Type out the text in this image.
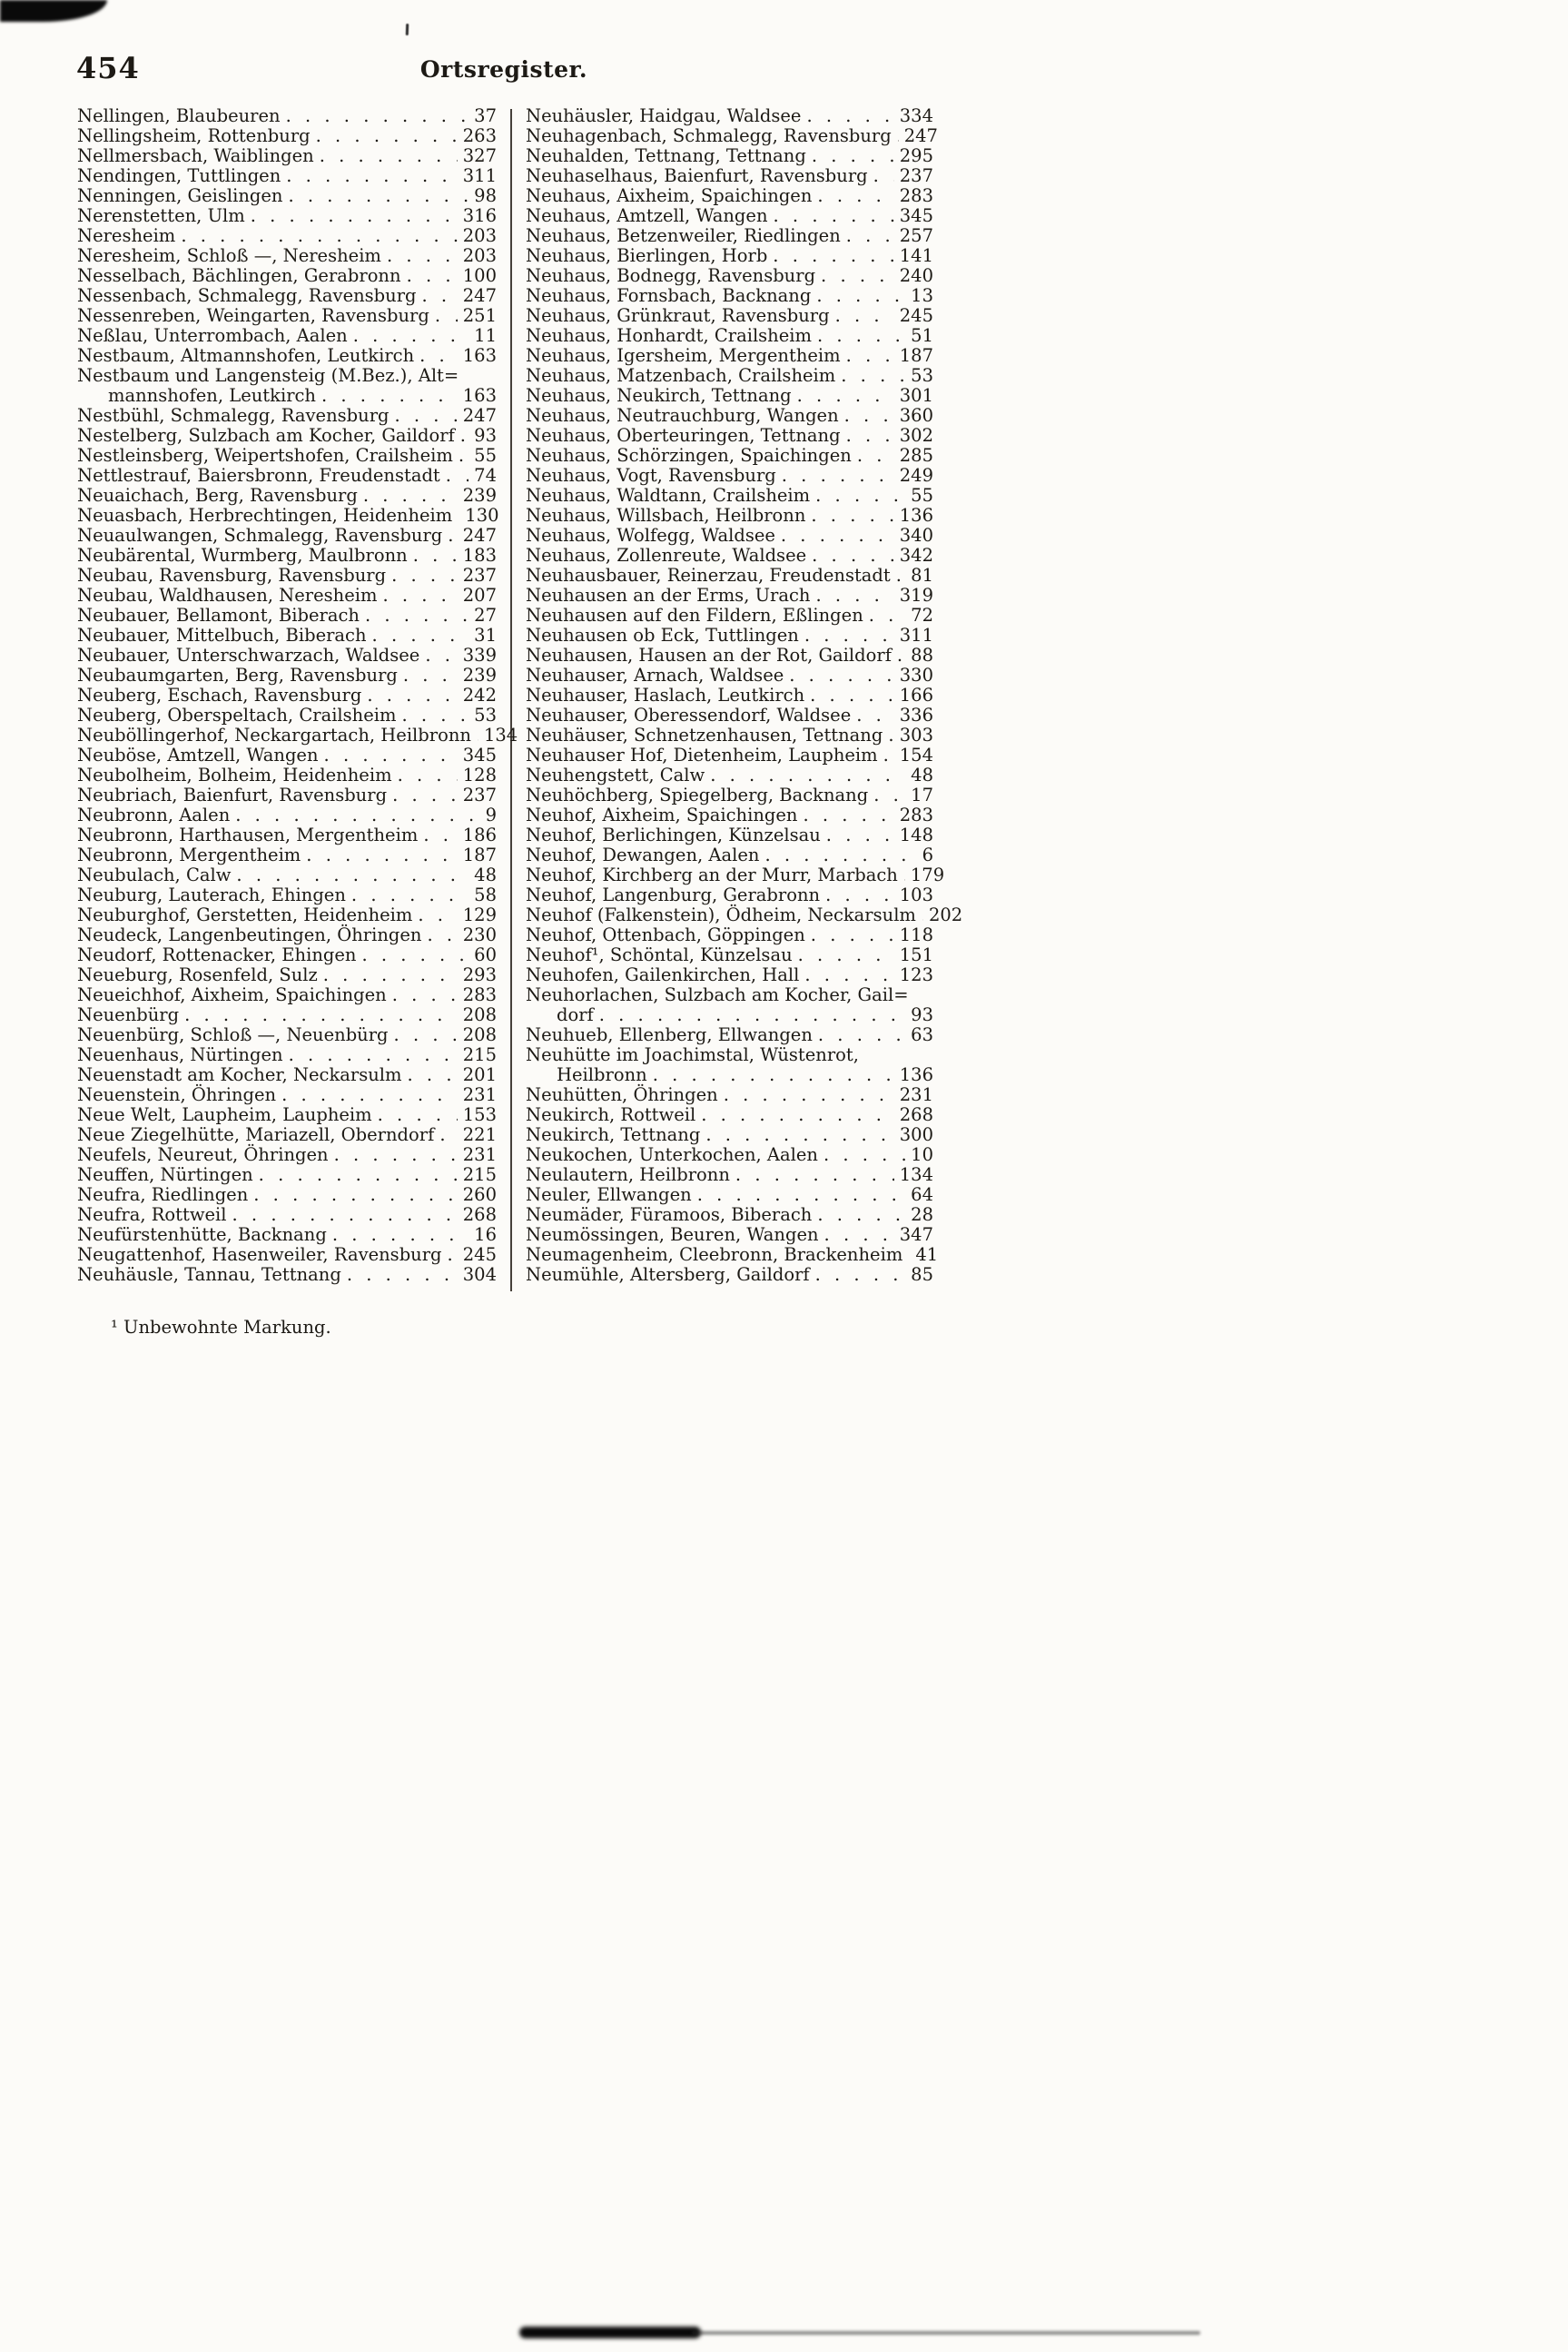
454	Ortsregister.
Nellingen, Blaubeuren . . .	37
Nellingsheim, Rottenburg . . .	263
Nellmersbach, Waiblingen . . .	327
Nendingen, Tuttlingen . . .	311
Nenningen, Geislingen . . .	98
Nerenstetten, Ulm . . .	316
Neresheim . . .	203
Neresheim, Schloß —, Neresheim . . .	203
Nesselbach, Bächlingen, Gerabronn . . .	100
Nessenbach, Schmalegg, Ravensburg . . .	247
Nessenreben, Weingarten, Ravensburg . . . 251
Neßlau, Unterrombach, Aalen . . .	11
Nestbaum, Altmannshofen, Leutkirch . . .	163
Nestbaum und Langensteig (M.Bez.), Alt=
mannshofen, Leutkirch . . .	163
Nestbühl, Schmalegg, Ravensburg . . .	247
Nestelberg, Sulzbach am Kocher, Gaildorf . . . 93
Nestleinsberg, Weipertshofen, Crailsheim . . . 55
Nettlestrauf, Baiersbronn, Freudenstadt . . . 74
Neuaichach, Berg, Ravensburg . . .	239
Neuasbach, Herbrechtingen, Heidenheim . . . 130
Neuaulwangen, Schmalegg, Ravensburg . . . 247
Neubärental, Wurmberg, Maulbronn . . .	183
Neubau, Ravensburg, Ravensburg . . .	237
Neubau, Waldhausen, Neresheim . . .	207
Neubauer, Bellamont, Biberach . . .	27
Neubauer, Mittelbuch, Biberach . . .	31
Neubauer, Unterschwarzach, Waldsee . . . 339
Neubaumgarten, Berg, Ravensburg . . .	239
Neuberg, Eschach, Ravensburg . . .	242
Neuberg, Oberspeltach, Crailsheim . . .	53
Neuböllingerhof, Neckargartach, Heilbronn . . . 134
Neuböse, Amtzell, Wangen . . .	345
Neubolheim, Bolheim, Heidenheim . . .	128
Neubriach, Baienfurt, Ravensburg . . .	237
Neubronn, Aalen . . .	9
Neubronn, Harthausen, Mergentheim . . .	186
Neubronn, Mergentheim . . .	187
Neubulach, Calw . . .	48
Neuburg, Lauterach, Ehingen . . .	58
Neuburghof, Gerstetten, Heidenheim . . .	129
Neudeck, Langenbeutingen, Öhringen . . . 230
Neudorf, Rottenacker, Ehingen . . .	60
Neueburg, Rosenfeld, Sulz . . .	293
Neueichhof, Aixheim, Spaichingen . . .	283
Neuenbürg . . .	208
Neuenbürg, Schloß —, Neuenbürg . . .	208
Neuenhaus, Nürtingen . . .	215
Neuenstadt am Kocher, Neckarsulm . . .	201
Neuenstein, Öhringen . . .	231
Neue Welt, Laupheim, Laupheim . . .	153
Neue Ziegelhütte, Mariazell, Oberndorf . . . 221
Neufels, Neureut, Öhringen . . .	231
Neuffen, Nürtingen . . .	215
Neufra, Riedlingen . . .	260
Neufra, Rottweil . . .	268
Neufürstenhütte, Backnang . . .	16
Neugattenhof, Hasenweiler, Ravensburg . . . 245
Neuhäusle, Tannau, Tettnang . . .	304
Neuhäusler, Haidgau, Waldsee . . .	334
Neuhagenbach, Schmalegg, Ravensburg . . . 247
Neuhalden, Tettnang, Tettnang . . .	295
Neuhaselhaus, Baienfurt, Ravensburg . . . 237
Neuhaus, Aixheim, Spaichingen . . .	283
Neuhaus, Amtzell, Wangen . . .	345
Neuhaus, Betzenweiler, Riedlingen . . .	257
Neuhaus, Bierlingen, Horb . . .	141
Neuhaus, Bodnegg, Ravensburg . . .	240
Neuhaus, Fornsbach, Backnang . . .	13
Neuhaus, Grünkraut, Ravensburg . . .	245
Neuhaus, Honhardt, Crailsheim . . .	51
Neuhaus, Igersheim, Mergentheim . . .	187
Neuhaus, Matzenbach, Crailsheim . . .	53
Neuhaus, Neukirch, Tettnang . . .	301
Neuhaus, Neutrauchburg, Wangen . . .	360
Neuhaus, Oberteuringen, Tettnang . . .	302
Neuhaus, Schörzingen, Spaichingen . . .	285
Neuhaus, Vogt, Ravensburg . . .	249
Neuhaus, Waldtann, Crailsheim . . .	55
Neuhaus, Willsbach, Heilbronn . . .	136
Neuhaus, Wolfegg, Waldsee . . .	340
Neuhaus, Zollenreute, Waldsee . . .	342
Neuhausbauer, Reinerzau, Freudenstadt . . . 81
Neuhausen an der Erms, Urach . . .	319
Neuhausen auf den Fildern, Eßlingen . . .	72
Neuhausen ob Eck, Tuttlingen . . .	311
Neuhausen, Hausen an der Rot, Gaildorf . . . 88
Neuhauser, Arnach, Waldsee . . .	330
Neuhauser, Haslach, Leutkirch . . .	166
Neuhauser, Oberessendorf, Waldsee . . .	336
Neuhäuser, Schnetzenhausen, Tettnang . . . 303
Neuhauser Hof, Dietenheim, Laupheim . . . 154
Neuhengstett, Calw . . .	48
Neuhöchberg, Spiegelberg, Backnang . . . 17
Neuhof, Aixheim, Spaichingen . . .	283
Neuhof, Berlichingen, Künzelsau . . .	148
Neuhof, Dewangen, Aalen . . .	6
Neuhof, Kirchberg an der Murr, Marbach . . . 179
Neuhof, Langenburg, Gerabronn . . .	103
Neuhof (Falkenstein), Ödheim, Neckarsulm . . . 202
Neuhof, Ottenbach, Göppingen . . .	118
Neuhof¹, Schöntal, Künzelsau . . .	151
Neuhofen, Gailenkirchen, Hall . . .	123
Neuhorlachen, Sulzbach am Kocher, Gail=
dorf . . .	93
Neuhueb, Ellenberg, Ellwangen . . .	63
Neuhütte im Joachimstal, Wüstenrot,
Heilbronn . . .	136
Neuhütten, Öhringen . . .	231
Neukirch, Rottweil . . .	268
Neukirch, Tettnang . . .	300
Neukochen, Unterkochen, Aalen . . .	10
Neulautern, Heilbronn . . .	134
Neuler, Ellwangen . . .	64
Neumäder, Füramoos, Biberach . . .	28
Neumössingen, Beuren, Wangen . . .	347
Neumagenheim, Cleebronn, Brackenheim . . . 41
Neumühle, Altersberg, Gaildorf . . .	85
¹ Unbewohnte Markung.
